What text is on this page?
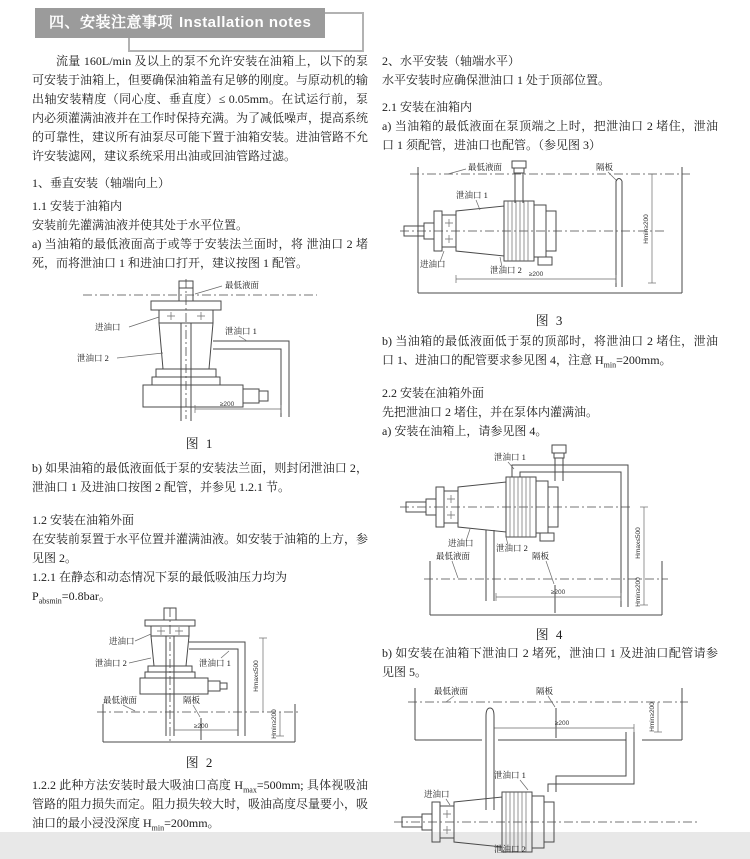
四、安装注意事项 Installation notes

流量 160L/min 及以上的泵不允许安装在油箱上，以下的泵可安装于油箱上，但要确保油箱盖有足够的刚度。与原动机的输出轴安装精度（同心度、垂直度）≤ 0.05mm。在试运行前，泵内必须灌满油液并在工作时保持充满。为了减低噪声，提高系统的可靠性，建议所有油泵尽可能下置于油箱安装。进油管路不允许安装滤网，建议系统采用出油或回油管路过滤。

1、垂直安装（轴端向上）

1.1 安装于油箱内

安装前先灌满油液并使其处于水平位置。

a) 当油箱的最低液面高于或等于安装法兰面时，将 泄油口 2 堵死，而将泄油口 1 和进油口打开，建议按图 1 配管。

最低液面
进油口
泄油口 2
泄油口 1
≥200
图 1

b) 如果油箱的最低液面低于泵的安装法兰面，则封闭泄油口 2，泄油口 1 及进油口按图 2 配管，并参见 1.2.1 节。

1.2 安装在油箱外面

在安装前泵置于水平位置并灌满油液。如安装于油箱的上方，参见图 2。

1.2.1 在静态和动态情况下泵的最低吸油压力均为

$P_{absmin}=0.8bar$。

进油口
泄油口 2	泄油口 1
最低液面	隔板
Hmax≤500
Hmin≥200
≥200
图 2

1.2.2 此种方法安装时最大吸油口高度 $H_{max}=500mm$; 具体视吸油管路的阻力损失而定。阻力损失较大时，吸油高度尽量要小，吸油口的最小浸没深度 $H_{min}=200mm$。

2、水平安装（轴端水平）

水平安装时应确保泄油口 1 处于顶部位置。

2.1 安装在油箱内

a) 当油箱的最低液面在泵顶端之上时，把泄油口 2 堵住，泄油口 1 须配管，进油口也配管。（参见图 3）

最低液面	隔板
泄油口 1
进油口
泄油口 2
Hmin≥200
≥200
图 3

b) 当油箱的最低液面低于泵的顶部时，将泄油口 2 堵住，泄油口 1、进油口的配管要求参见图 4，注意 $H_{min}=200mm$。

2.2 安装在油箱外面

先把泄油口 2 堵住，并在泵体内灌满油。

a) 安装在油箱上，请参见图 4。

泄油口 1
进油口	泄油口 2
最低液面	隔板	Hmax≤500
Hmin≥200
≥200
图 4

b) 如安装在油箱下泄油口 2 堵死，泄油口 1 及进油口配管请参见图 5。

最低液面	隔板
Hmin≥200
≥200
泄油口 1
进油口
泄油口 2
